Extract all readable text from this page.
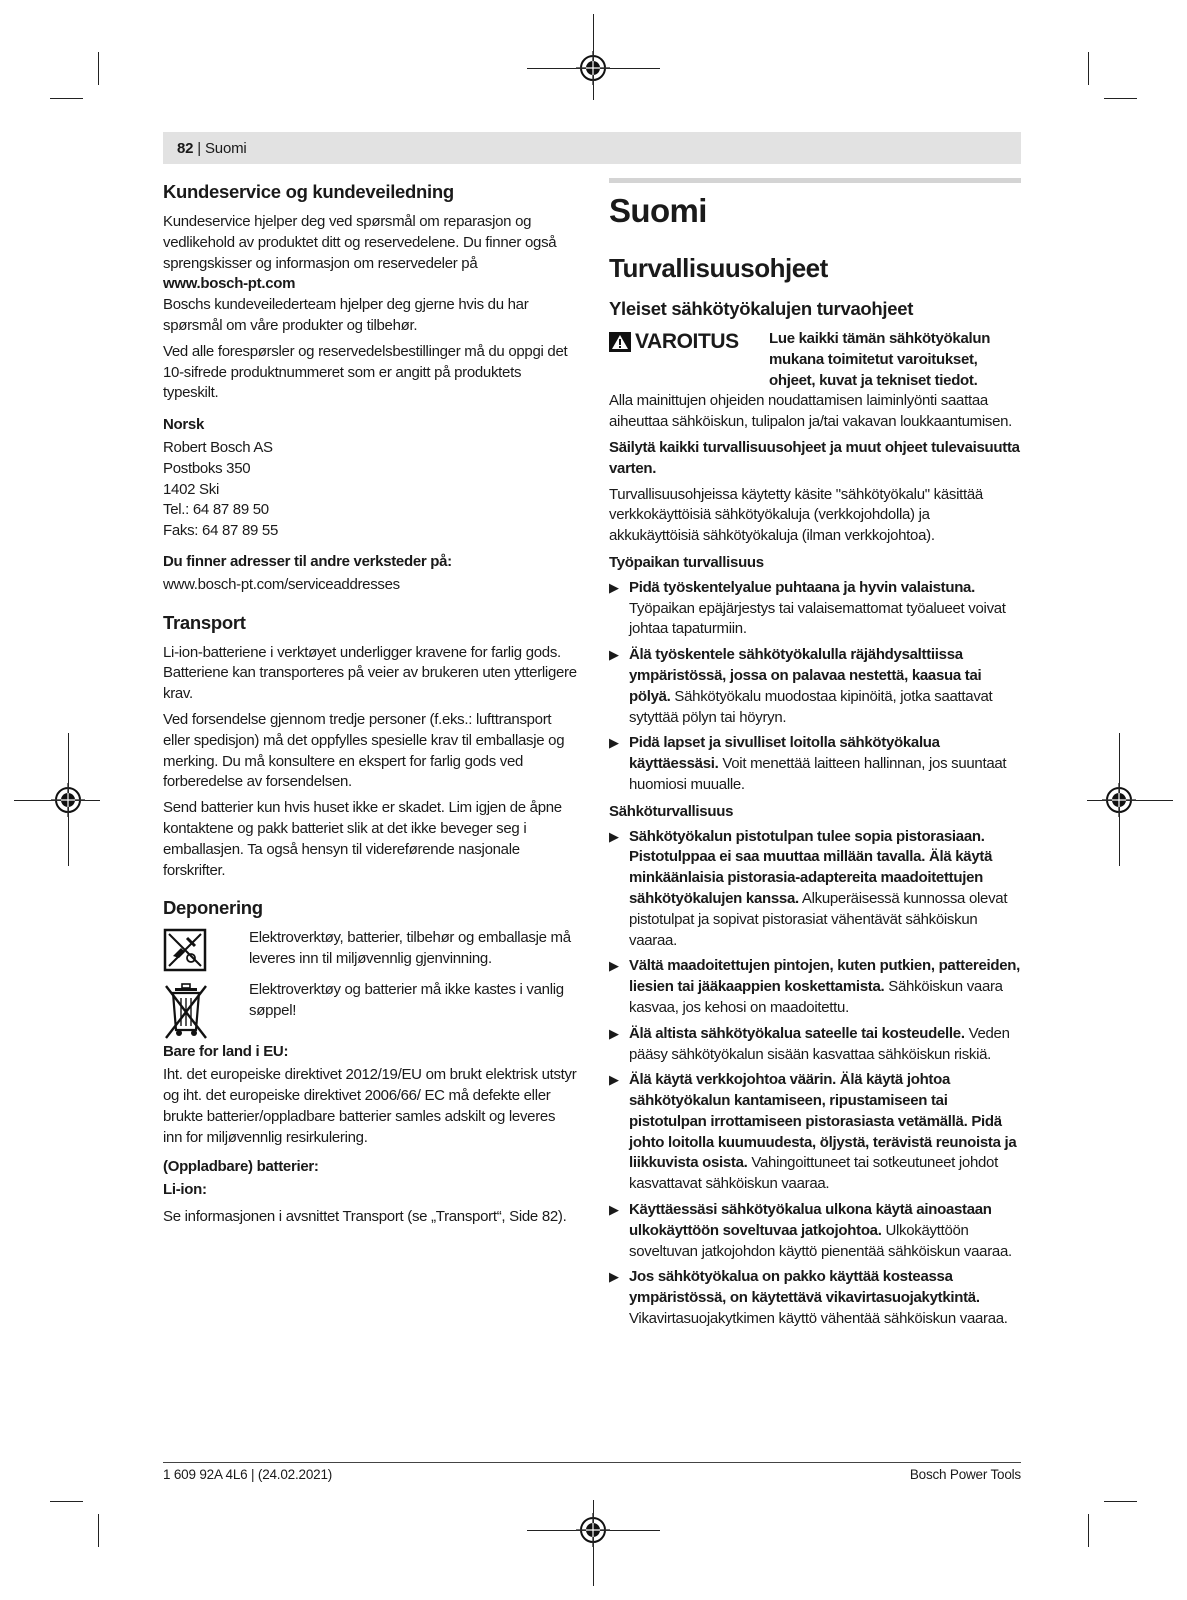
82 | Suomi
Kundeservice og kundeveiledning

Kundeservice hjelper deg ved spørsmål om reparasjon og vedlikehold av produktet ditt og reservedelene. Du finner også sprengskisser og informasjon om reservedeler på

www.bosch-pt.com

Boschs kundeveilederteam hjelper deg gjerne hvis du har spørsmål om våre produkter og tilbehør.

Ved alle forespørsler og reservedelsbestillinger må du oppgi det 10-sifrede produktnummeret som er angitt på produktets typeskilt.

Norsk

Robert Bosch AS

Postboks 350

1402 Ski

Tel.: 64 87 89 50

Faks: 64 87 89 55

Du finner adresser til andre verksteder på:

www.bosch-pt.com/serviceaddresses

Transport

Li-ion-batteriene i verktøyet underligger kravene for farlig gods. Batteriene kan transporteres på veier av brukeren uten ytterligere krav.

Ved forsendelse gjennom tredje personer (f.eks.: lufttransport eller spedisjon) må det oppfylles spesielle krav til emballasje og merking. Du må konsultere en ekspert for farlig gods ved forberedelse av forsendelsen.

Send batterier kun hvis huset ikke er skadet. Lim igjen de åpne kontaktene og pakk batteriet slik at det ikke beveger seg i emballasjen. Ta også hensyn til videreførende nasjonale forskrifter.

Deponering

Elektroverktøy, batterier, tilbehør og emballasje må leveres inn til miljøvennlig gjenvinning.

Elektroverktøy og batterier må ikke kastes i vanlig søppel!

Bare for land i EU:

Iht. det europeiske direktivet 2012/19/EU om brukt elektrisk utstyr og iht. det europeiske direktivet 2006/66/ EC må defekte eller brukte batterier/oppladbare batterier samles adskilt og leveres inn for miljøvennlig resirkulering.

(Oppladbare) batterier:

Li-ion:

Se informasjonen i avsnittet Transport (se „Transport“, Side 82).

Suomi
Turvallisuusohjeet
Yleiset sähkötyökalujen turvaohjeet
VAROITUS Lue kaikki tämän sähkötyökalun mukana toimitetut varoitukset, ohjeet, kuvat ja tekniset tiedot.

Alla mainittujen ohjeiden noudattamisen laiminlyönti saattaa aiheuttaa sähköiskun, tulipalon ja/tai vakavan loukkaantumisen.

Säilytä kaikki turvallisuusohjeet ja muut ohjeet tulevaisuutta varten.

Turvallisuusohjeissa käytetty käsite "sähkötyökalu" käsittää verkkokäyttöisiä sähkötyökaluja (verkkojohdolla) ja akkukäyttöisiä sähkötyökaluja (ilman verkkojohtoa).

Työpaikan turvallisuus

▶ Pidä työskentelyalue puhtaana ja hyvin valaistuna. Työpaikan epäjärjestys tai valaisemattomat työalueet voivat johtaa tapaturmiin.
▶ Älä työskentele sähkötyökalulla räjähdysalttiissa ympäristössä, jossa on palavaa nestettä, kaasua tai pölyä. Sähkötyökalu muodostaa kipinöitä, jotka saattavat sytyttää pölyn tai höyryn.
▶ Pidä lapset ja sivulliset loitolla sähkötyökalua käyttäessäsi. Voit menettää laitteen hallinnan, jos suuntaat huomiosi muualle.

Sähköturvallisuus

▶ Sähkötyökalun pistotulpan tulee sopia pistorasiaan. Pistotulppaa ei saa muuttaa millään tavalla. Älä käytä minkäänlaisia pistorasia-adaptereita maadoitettujen sähkötyökalujen kanssa. Alkuperäisessä kunnossa olevat pistotulpat ja sopivat pistorasiat vähentävät sähköiskun vaaraa.
▶ Vältä maadoitettujen pintojen, kuten putkien, pattereiden, liesien tai jääkaappien koskettamista. Sähköiskun vaara kasvaa, jos kehosi on maadoitettu.
▶ Älä altista sähkötyökalua sateelle tai kosteudelle. Veden pääsy sähkötyökalun sisään kasvattaa sähköiskun riskiä.
▶ Älä käytä verkkojohtoa väärin. Älä käytä johtoa sähkötyökalun kantamiseen, ripustamiseen tai pistotulpan irrottamiseen pistorasiasta vetämällä. Pidä johto loitolla kuumuudesta, öljystä, terävistä reunoista ja liikkuvista osista. Vahingoittuneet tai sotkeutuneet johdot kasvattavat sähköiskun vaaraa.
▶ Käyttäessäsi sähkötyökalua ulkona käytä ainoastaan ulkokäyttöön soveltuvaa jatkojohtoa. Ulkokäyttöön soveltuvan jatkojohdon käyttö pienentää sähköiskun vaaraa.
▶ Jos sähkötyökalua on pakko käyttää kosteassa ympäristössä, on käytettävä vikavirtasuojakytkintä. Vikavirtasuojakytkimen käyttö vähentää sähköiskun vaaraa.
1 609 92A 4L6 | (24.02.2021)	Bosch Power Tools
